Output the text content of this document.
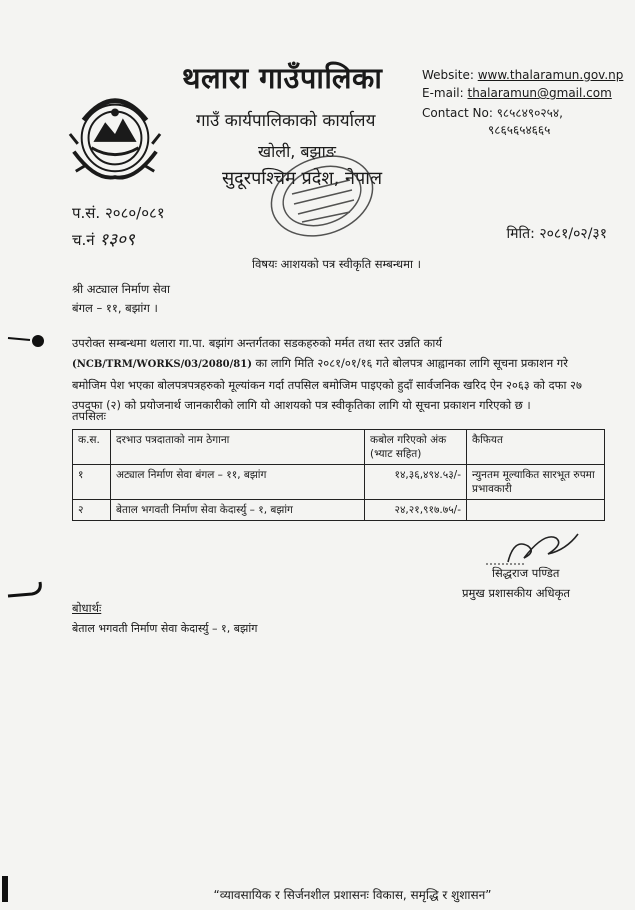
थलारा गाउँपालिका
गाउँ कार्यपालिकाको कार्यालय
खोली, बझाङ
सुदूरपश्चिम प्रदेश, नेपाल
Website: www.thalaramun.gov.np
E-mail: thalaramun@gmail.com
Contact No: ९८५८४९०२५४,
९८६५६५४६६५
प.सं. २०८०/०८१
च.नं १३०९	मिति: २०८१/०२/३१
विषयः आशयको पत्र स्वीकृति सम्बन्धमा ।
श्री अट्याल निर्माण सेवा
बंगल – ११, बझांग ।

उपरोक्त सम्बन्धमा थलारा गा.पा. बझांग अन्तर्गतका सडकहरुको मर्मत तथा स्तर उन्नति कार्य (NCB/TRM/WORKS/03/2080/81) का लागि मिति २०८१/०१/१६ गते बोलपत्र आह्वानका लागि सूचना प्रकाशन गरे बमोजिम पेश भएका बोलपत्रपत्रहरुको मूल्यांकन गर्दा तपसिल बमोजिम पाइएको हुदाँ सार्वजनिक खरिद ऐन २०६३ को दफा २७ उपदफा (२) को प्रयोजनार्थ जानकारीको लागि यो आशयको पत्र स्वीकृतिका लागि यो सूचना प्रकाशन गरिएको छ ।

तपसिलः
क.स.	दरभाउ पत्रदाताको नाम ठेगाना	कबोल गरिएको अंक (भ्याट सहित)	कैफियत
१	अट्याल निर्माण सेवा बंगल – ११, बझांग	१४,३६,४९४.५३/-	न्युनतम मूल्याकित सारभूत रुपमा प्रभावकारी
२	बेताल भगवती निर्माण सेवा केदार्स्यु – १, बझांग	२४,२१,९१७.७५/-	
सिद्धराज पण्डित
प्रमुख प्रशासकीय अधिकृत
बोधार्थः
बेताल भगवती निर्माण सेवा केदार्स्यु – १, बझांग
“व्यावसायिक र सिर्जनशील प्रशासनः विकास, समृद्धि र शुशासन”
